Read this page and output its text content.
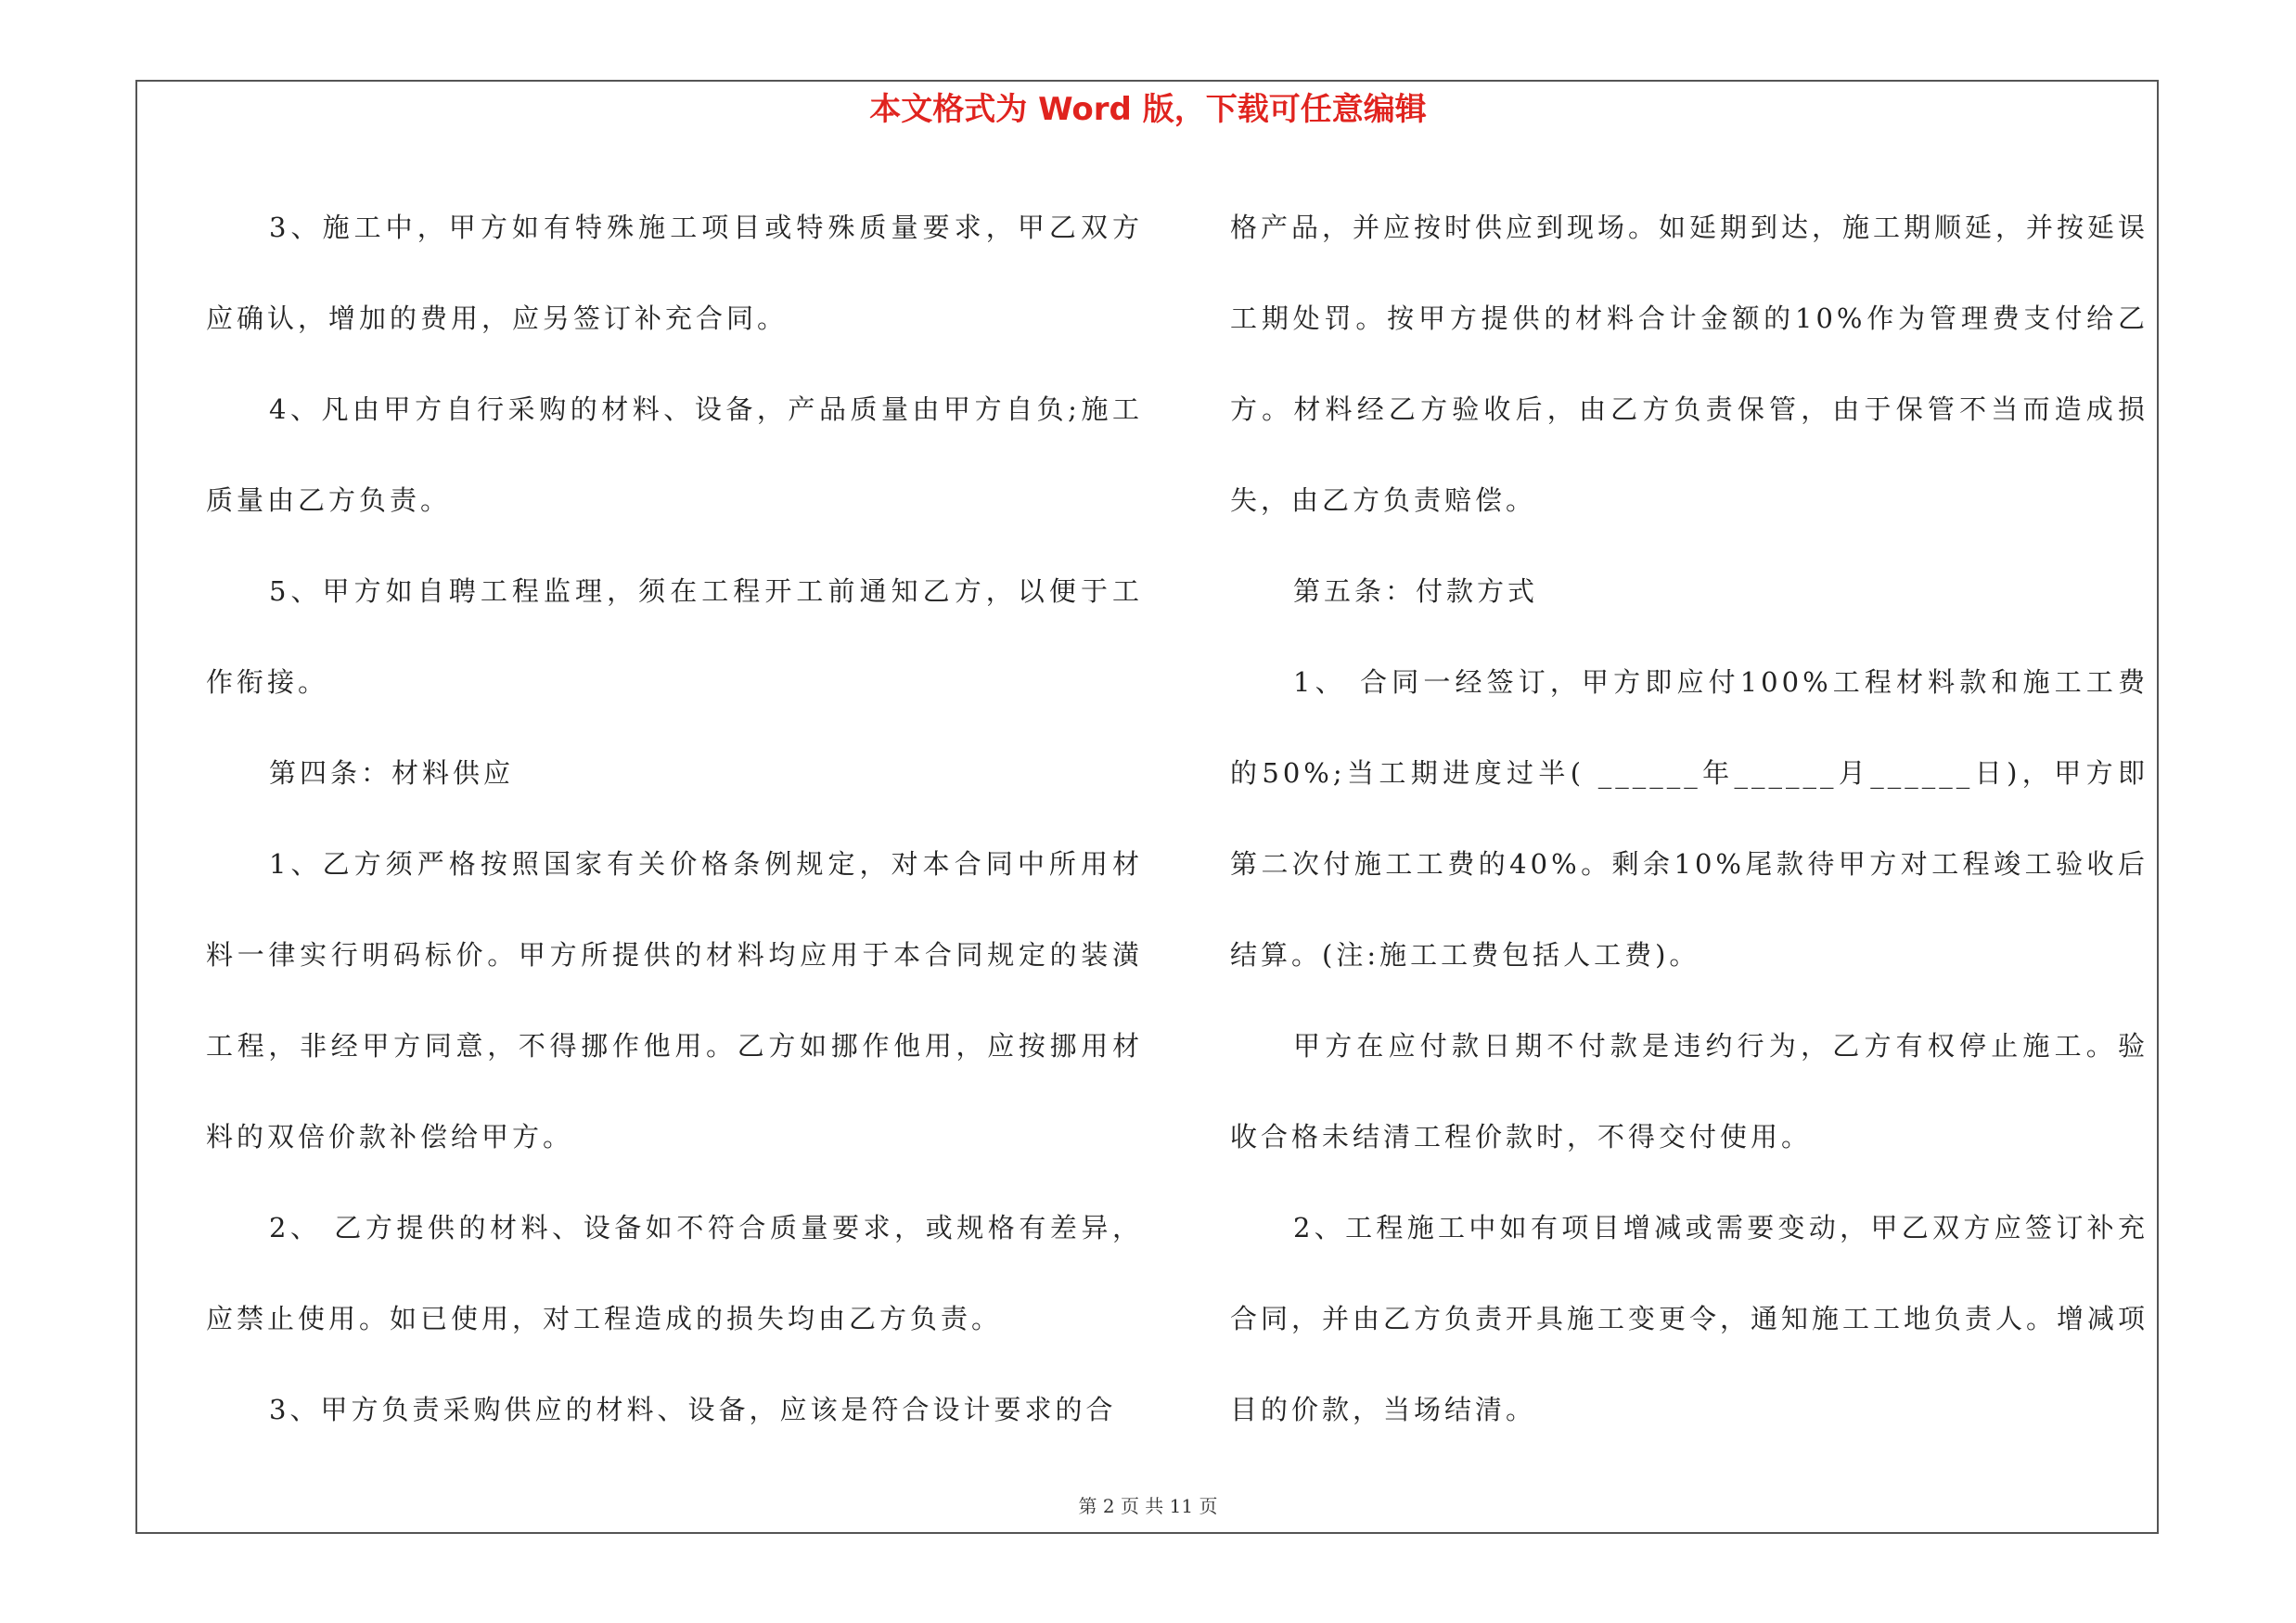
本文格式为 Word 版，下载可任意编辑

3、施工中，甲方如有特殊施工项目或特殊质量要求，甲乙双方应确认，增加的费用，应另签订补充合同。

4、凡由甲方自行采购的材料、设备，产品质量由甲方自负;施工质量由乙方负责。

5、甲方如自聘工程监理，须在工程开工前通知乙方，以便于工作衔接。

第四条：材料供应

1、乙方须严格按照国家有关价格条例规定，对本合同中所用材料一律实行明码标价。甲方所提供的材料均应用于本合同规定的装潢工程，非经甲方同意，不得挪作他用。乙方如挪作他用，应按挪用材料的双倍价款补偿给甲方。

2、 乙方提供的材料、设备如不符合质量要求，或规格有差异，应禁止使用。如已使用，对工程造成的损失均由乙方负责。

3、甲方负责采购供应的材料、设备，应该是符合设计要求的合

格产品，并应按时供应到现场。如延期到达，施工期顺延，并按延误工期处罚。按甲方提供的材料合计金额的10%作为管理费支付给乙方。材料经乙方验收后，由乙方负责保管，由于保管不当而造成损失，由乙方负责赔偿。

第五条：付款方式

1、 合同一经签订，甲方即应付100%工程材料款和施工工费的50%;当工期进度过半( ______年______月______日)，甲方即第二次付施工工费的40%。剩余10%尾款待甲方对工程竣工验收后结算。(注:施工工费包括人工费)。

甲方在应付款日期不付款是违约行为，乙方有权停止施工。验收合格未结清工程价款时，不得交付使用。

2、工程施工中如有项目增减或需要变动，甲乙双方应签订补充合同，并由乙方负责开具施工变更令，通知施工工地负责人。增减项目的价款，当场结清。

第 2 页 共 11 页
